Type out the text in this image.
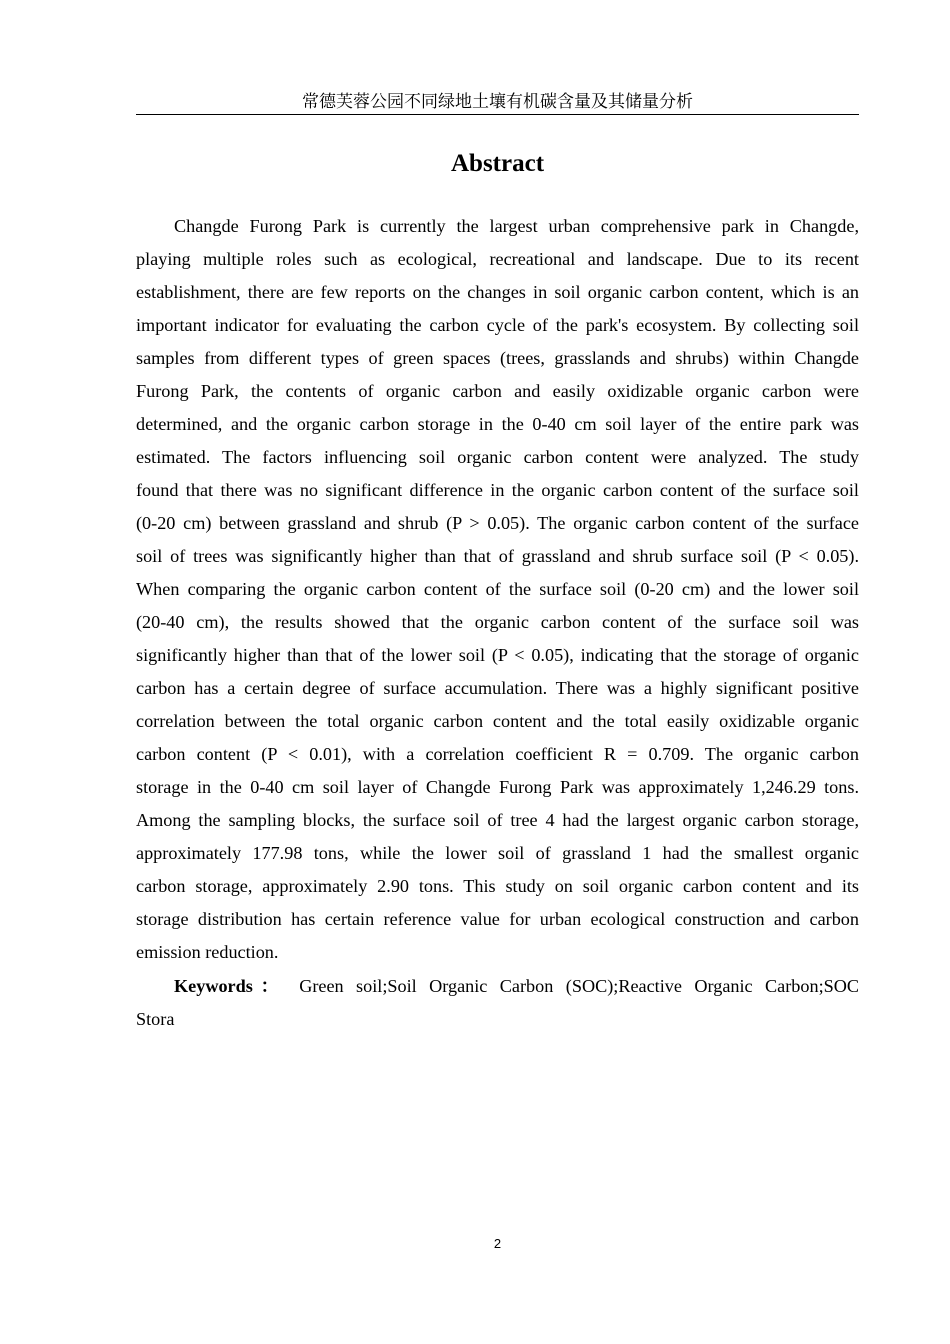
常德芙蓉公园不同绿地土壤有机碳含量及其储量分析
Abstract
Changde Furong Park is currently the largest urban comprehensive park in Changde,
playing multiple roles such as ecological, recreational and landscape. Due to its recent
establishment, there are few reports on the changes in soil organic carbon content, which is an
important indicator for evaluating the carbon cycle of the park's ecosystem. By collecting soil
samples from different types of green spaces (trees, grasslands and shrubs) within Changde
Furong Park, the contents of organic carbon and easily oxidizable organic carbon were
determined, and the organic carbon storage in the 0-40 cm soil layer of the entire park was
estimated. The factors influencing soil organic carbon content were analyzed. The study
found that there was no significant difference in the organic carbon content of the surface soil
(0-20 cm) between grassland and shrub (P > 0.05). The organic carbon content of the surface
soil of trees was significantly higher than that of grassland and shrub surface soil (P < 0.05).
When comparing the organic carbon content of the surface soil (0-20 cm) and the lower soil
(20-40 cm), the results showed that the organic carbon content of the surface soil was
significantly higher than that of the lower soil (P < 0.05), indicating that the storage of organic
carbon has a certain degree of surface accumulation. There was a highly significant positive
correlation between the total organic carbon content and the total easily oxidizable organic
carbon content (P < 0.01), with a correlation coefficient R = 0.709. The organic carbon
storage in the 0-40 cm soil layer of Changde Furong Park was approximately 1,246.29 tons.
Among the sampling blocks, the surface soil of tree 4 had the largest organic carbon storage,
approximately 177.98 tons, while the lower soil of grassland 1 had the smallest organic
carbon storage, approximately 2.90 tons. This study on soil organic carbon content and its
storage distribution has certain reference value for urban ecological construction and carbon
emission reduction.
Keywords： Green soil;Soil Organic Carbon (SOC);Reactive Organic Carbon;SOC
Stora
2
